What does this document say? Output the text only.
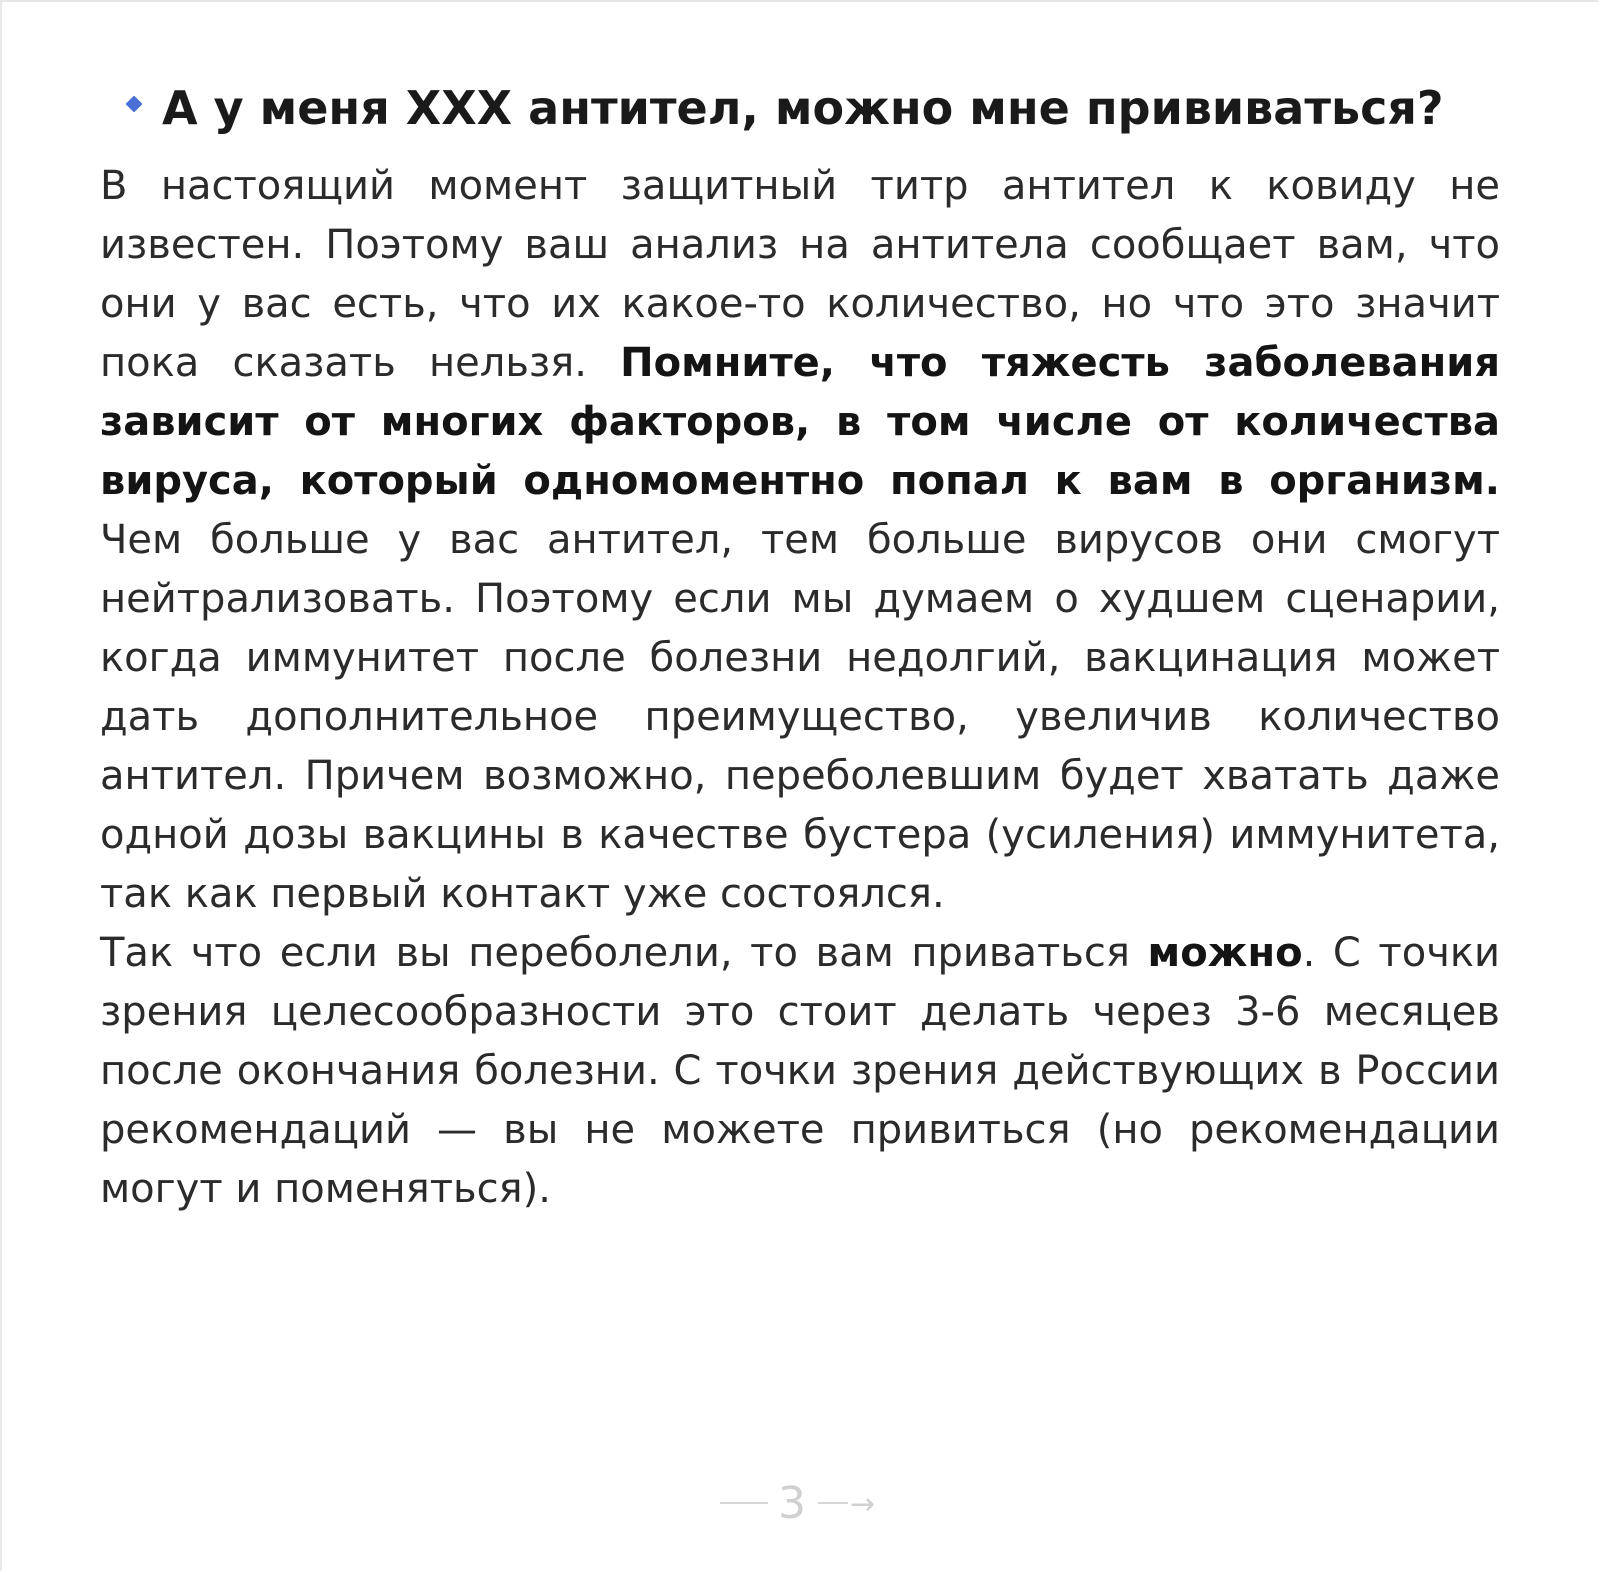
А у меня ХХХ антител, можно мне прививаться?

В настоящий момент защитный титр антител к ковиду не известен. Поэтому ваш анализ на антитела сообщает вам, что они у вас есть, что их какое-то количество, но что это значит пока сказать нельзя. Помните, что тяжесть заболевания зависит от многих факторов, в том числе от количества вируса, который одномоментно попал к вам в организм. Чем больше у вас антител, тем больше вирусов они смогут нейтрализовать. Поэтому если мы думаем о худшем сценарии, когда иммунитет после болезни недолгий, вакцинация может дать дополнительное преимущество, увеличив количество антител. Причем возможно, переболевшим будет хватать даже одной дозы вакцины в качестве бустера (усиления) иммунитета, так как первый контакт уже состоялся.

Так что если вы переболели, то вам приваться можно. С точки зрения целесообразности это стоит делать через 3-6 месяцев после окончания болезни. С точки зрения действующих в России рекомендаций — вы не можете привиться (но рекомендации могут и поменяться).

3 →
